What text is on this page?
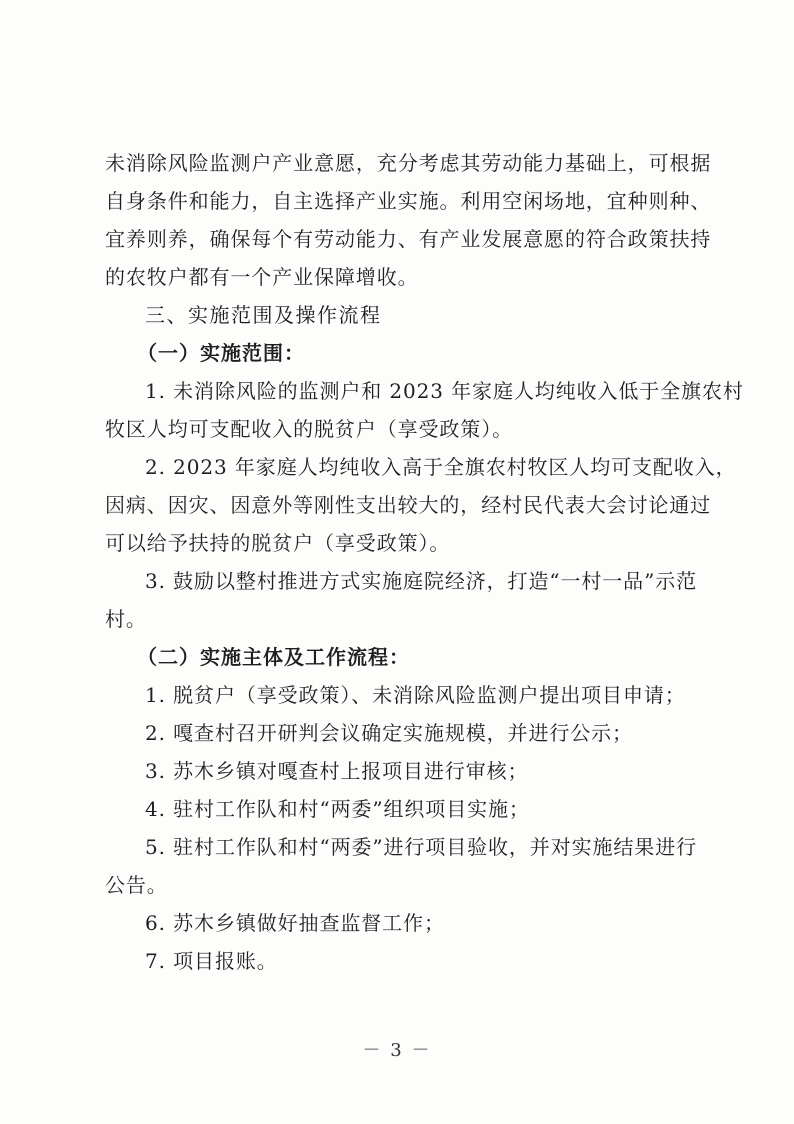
未 消 除 风 险 监 测 户 产 业 意 愿 ， 充 分 考 虑 其 劳 动 能 力 基 础 上 ， 可 根 据
自 身 条 件 和 能 力 ， 自 主 选 择 产 业 实 施 。 利 用 空 闲 场 地 ， 宜 种 则 种 、
宜 养 则 养 ， 确 保 每 个 有 劳 动 能 力 、 有 产 业 发 展 意 愿 的 符 合 政 策 扶 持
的农牧户都有一个产业保障增收。
三、实施范围及操作流程
（一）实施范围：
1. 未消除风险的监测户和 2023 年家庭人均纯收入低于全旗农村
牧区人均可支配收入的脱贫户（享受政策）。
2. 2023 年家庭人均纯收入高于全旗农村牧区人均可支配收入，
因病、因灾、因意外等刚性支出较大的，经村民代表大会讨论通过
可以给予扶持的脱贫户（享受政策）。
3. 鼓励以整村推进方式实施庭院经济，打造“一村一品”示范
村。
（二）实施主体及工作流程：
1. 脱贫户（享受政策）、未消除风险监测户提出项目申请；
2. 嘎查村召开研判会议确定实施规模，并进行公示；
3. 苏木乡镇对嘎查村上报项目进行审核；
4. 驻村工作队和村“两委”组织项目实施；
5. 驻村工作队和村“两委”进行项目验收，并对实施结果进行
公告。
6. 苏木乡镇做好抽查监督工作；
7. 项目报账。
－ 3 －
